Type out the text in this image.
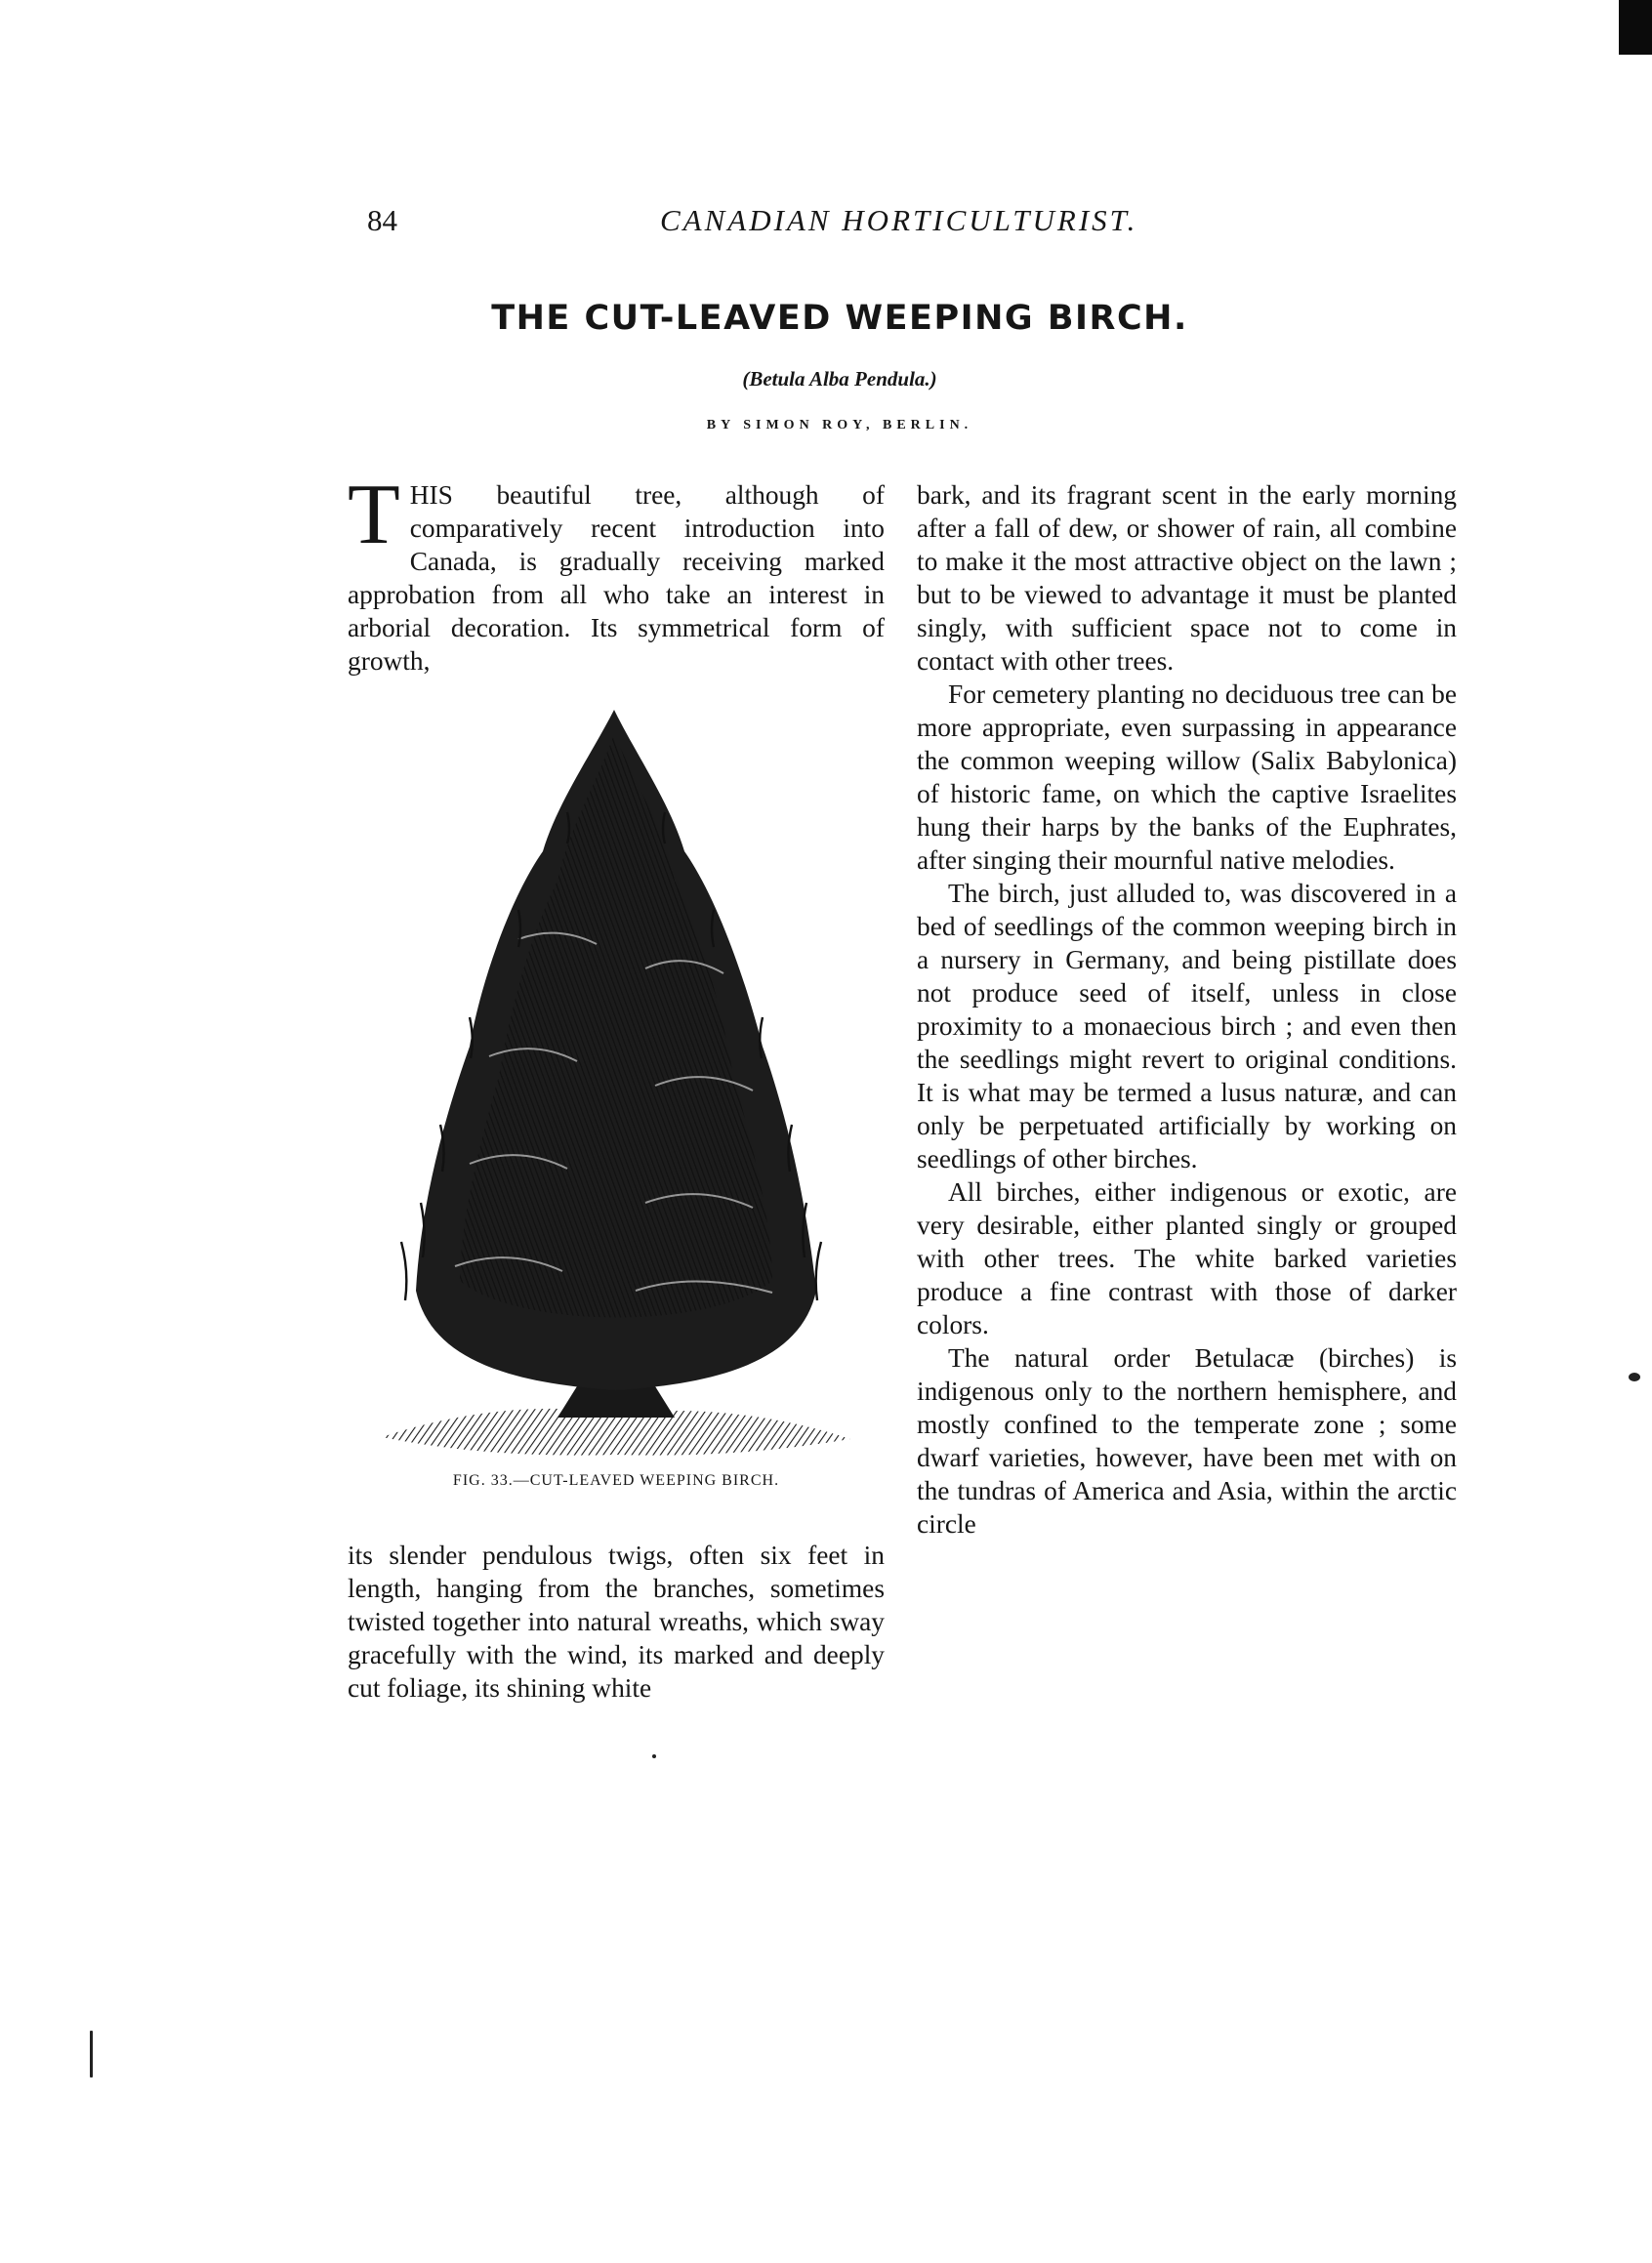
84	CANADIAN HORTICULTURIST.
THE CUT-LEAVED WEEPING BIRCH.
(Betula Alba Pendula.)
BY SIMON ROY, BERLIN.

THIS beautiful tree, although of comparatively recent introduction into Canada, is gradually receiving marked approbation from all who take an interest in arborial decoration. Its symmetrical form of growth,

FIG. 33.—CUT-LEAVED WEEPING BIRCH.

its slender pendulous twigs, often six feet in length, hanging from the branches, sometimes twisted together into natural wreaths, which sway gracefully with the wind, its marked and deeply cut foliage, its shining white

bark, and its fragrant scent in the early morning after a fall of dew, or shower of rain, all combine to make it the most attractive object on the lawn ; but to be viewed to advantage it must be planted singly, with sufficient space not to come in contact with other trees.

For cemetery planting no deciduous tree can be more appropriate, even surpassing in appearance the common weeping willow (Salix Babylonica) of historic fame, on which the captive Israelites hung their harps by the banks of the Euphrates, after singing their mournful native melodies.

The birch, just alluded to, was discovered in a bed of seedlings of the common weeping birch in a nursery in Germany, and being pistillate does not produce seed of itself, unless in close proximity to a monaecious birch ; and even then the seedlings might revert to original conditions. It is what may be termed a lusus naturæ, and can only be perpetuated artificially by working on seedlings of other birches.

All birches, either indigenous or exotic, are very desirable, either planted singly or grouped with other trees. The white barked varieties produce a fine contrast with those of darker colors.

The natural order Betulacæ (birches) is indigenous only to the northern hemisphere, and mostly confined to the temperate zone ; some dwarf varieties, however, have been met with on the tundras of America and Asia, within the arctic circle
